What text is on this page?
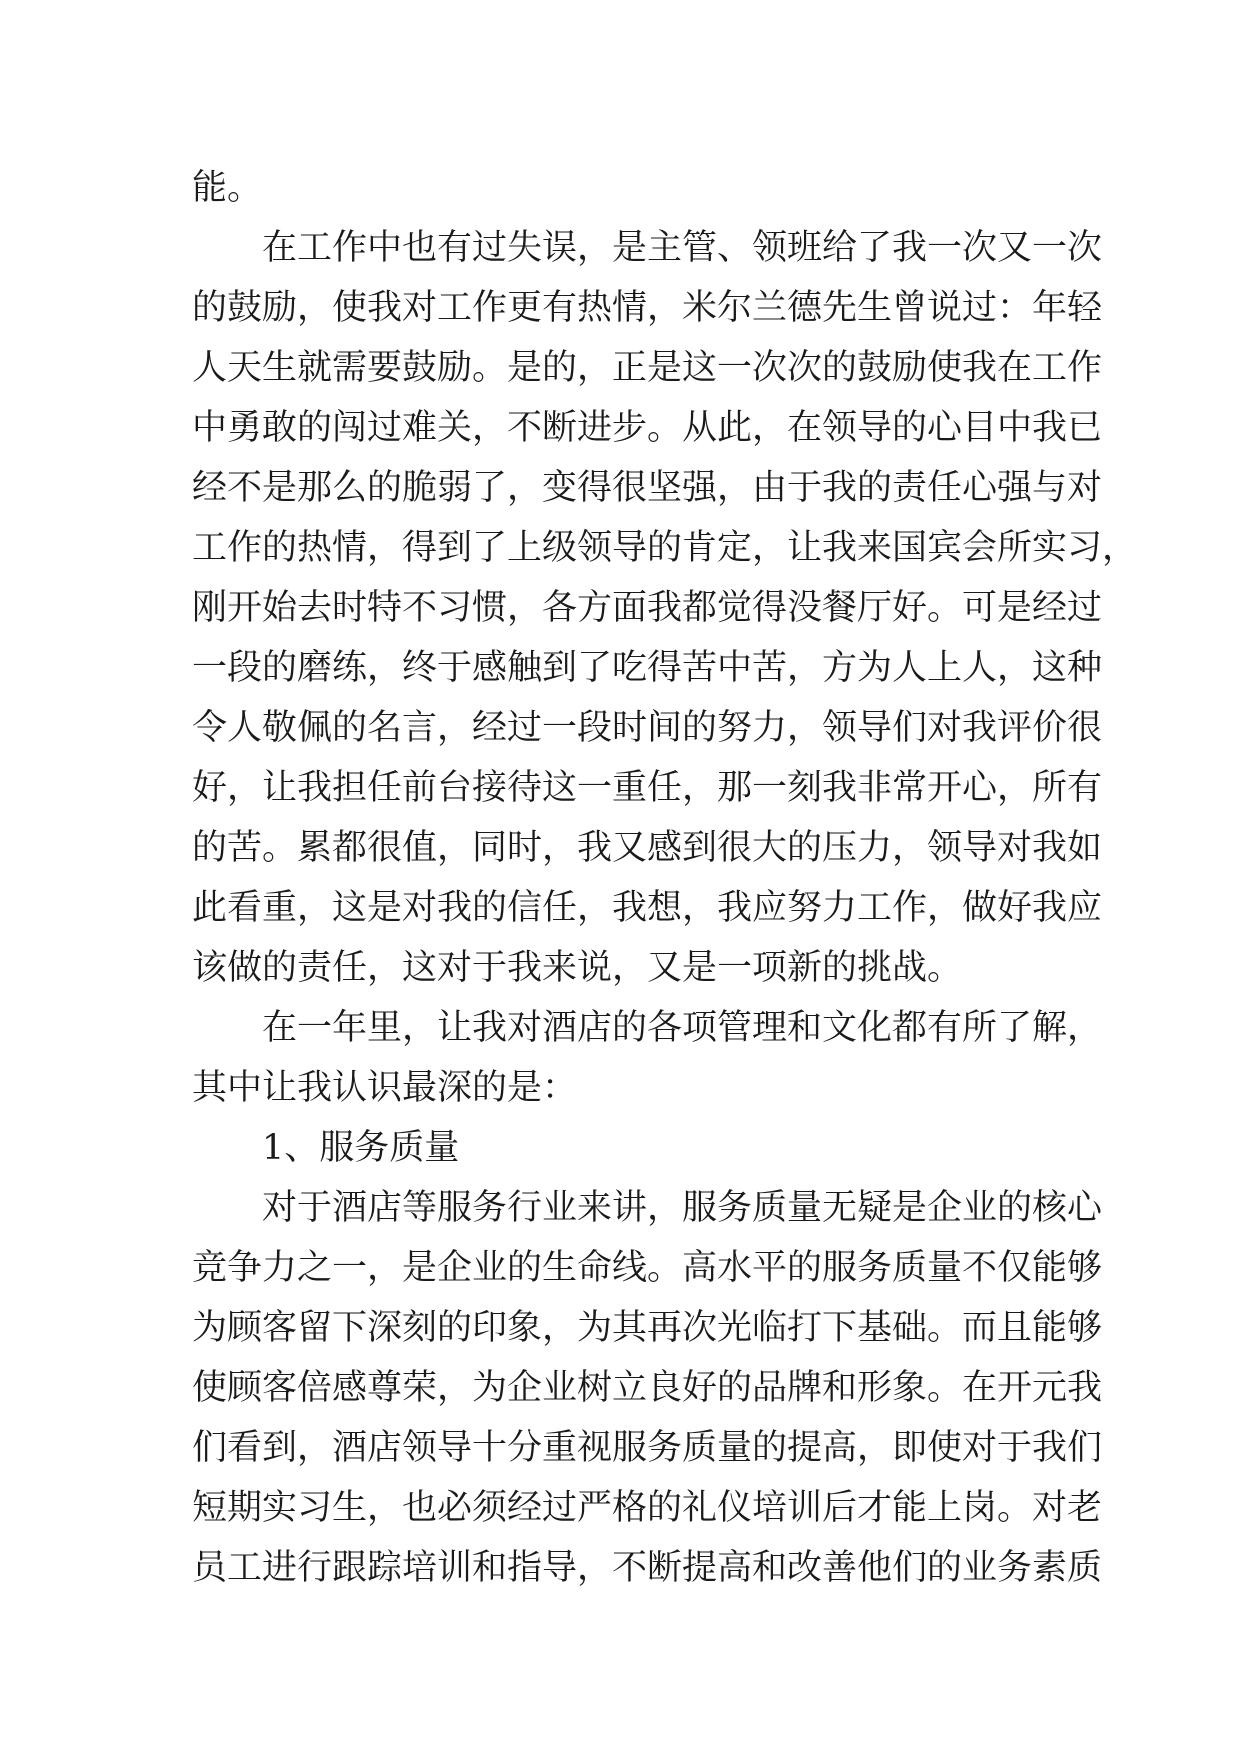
能。
在工作中也有过失误，是主管、领班给了我一次又一次
的鼓励，使我对工作更有热情，米尔兰德先生曾说过：年轻
人天生就需要鼓励。是的，正是这一次次的鼓励使我在工作
中勇敢的闯过难关，不断进步。从此，在领导的心目中我已
经不是那么的脆弱了，变得很坚强，由于我的责任心强与对
工作的热情，得到了上级领导的肯定，让我来国宾会所实习，
刚开始去时特不习惯，各方面我都觉得没餐厅好。可是经过
一段的磨练，终于感触到了吃得苦中苦，方为人上人，这种
令人敬佩的名言，经过一段时间的努力，领导们对我评价很
好，让我担任前台接待这一重任，那一刻我非常开心，所有
的苦。累都很值，同时，我又感到很大的压力，领导对我如
此看重，这是对我的信任，我想，我应努力工作，做好我应
该做的责任，这对于我来说，又是一项新的挑战。
在一年里，让我对酒店的各项管理和文化都有所了解，
其中让我认识最深的是：
1、服务质量
对于酒店等服务行业来讲，服务质量无疑是企业的核心
竞争力之一，是企业的生命线。高水平的服务质量不仅能够
为顾客留下深刻的印象，为其再次光临打下基础。而且能够
使顾客倍感尊荣，为企业树立良好的品牌和形象。在开元我
们看到，酒店领导十分重视服务质量的提高，即使对于我们
短期实习生，也必须经过严格的礼仪培训后才能上岗。对老
员工进行跟踪培训和指导，不断提高和改善他们的业务素质
